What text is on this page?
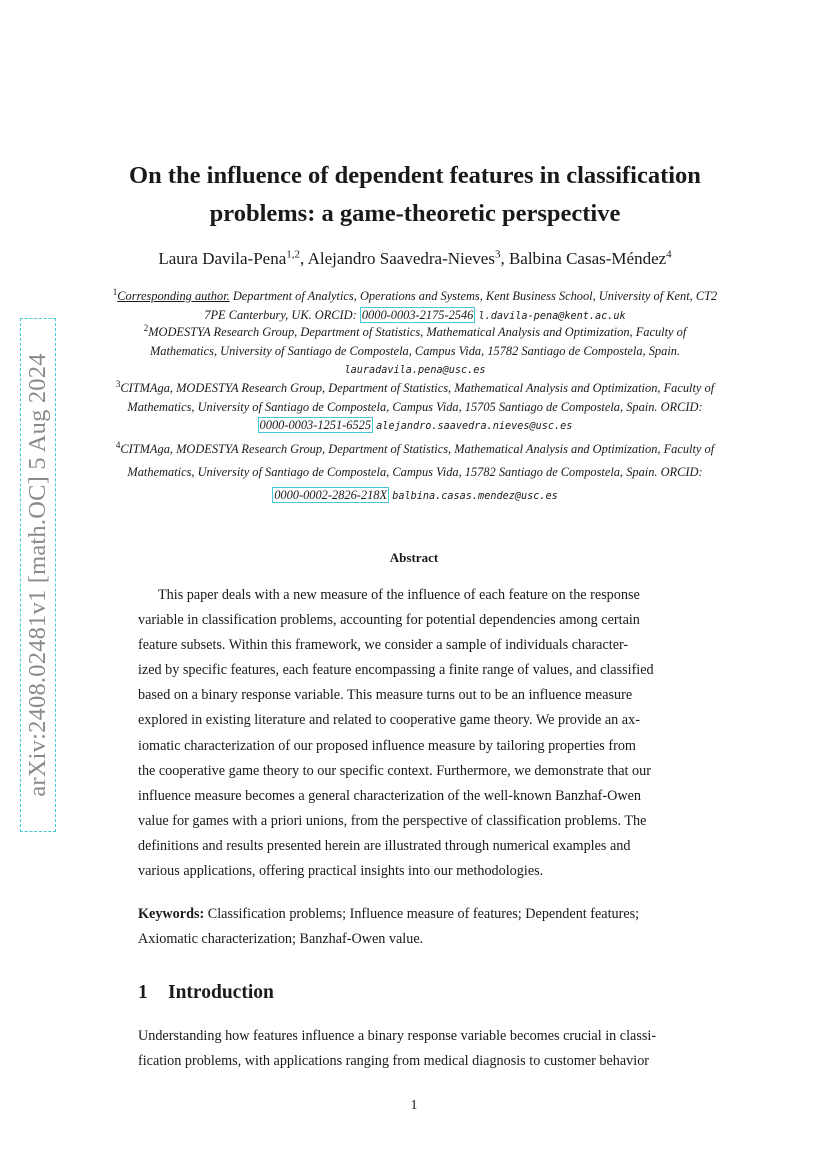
arXiv:2408.02481v1 [math.OC] 5 Aug 2024
On the influence of dependent features in classification
problems: a game-theoretic perspective
Laura Davila-Pena$^{1,2}$, Alejandro Saavedra-Nieves$^3$, Balbina Casas-Méndez$^4$
$^1$Corresponding author. Department of Analytics, Operations and Systems, Kent Business School, University of Kent, CT2
7PE Canterbury, UK. ORCID: 0000-0003-2175-2546 l.davila-pena@kent.ac.uk
$^2$MODESTYA Research Group, Department of Statistics, Mathematical Analysis and Optimization, Faculty of
Mathematics, University of Santiago de Compostela, Campus Vida, 15782 Santiago de Compostela, Spain.
lauradavila.pena@usc.es
$^3$CITMAga, MODESTYA Research Group, Department of Statistics, Mathematical Analysis and Optimization, Faculty of
Mathematics, University of Santiago de Compostela, Campus Vida, 15705 Santiago de Compostela, Spain. ORCID:
0000-0003-1251-6525 alejandro.saavedra.nieves@usc.es
$^4$CITMAga, MODESTYA Research Group, Department of Statistics, Mathematical Analysis and Optimization, Faculty of
Mathematics, University of Santiago de Compostela, Campus Vida, 15782 Santiago de Compostela, Spain. ORCID:
0000-0002-2826-218X balbina.casas.mendez@usc.es
Abstract
This paper deals with a new measure of the influence of each feature on the response
variable in classification problems, accounting for potential dependencies among certain
feature subsets. Within this framework, we consider a sample of individuals character-
ized by specific features, each feature encompassing a finite range of values, and classified
based on a binary response variable. This measure turns out to be an influence measure
explored in existing literature and related to cooperative game theory. We provide an ax-
iomatic characterization of our proposed influence measure by tailoring properties from
the cooperative game theory to our specific context. Furthermore, we demonstrate that our
influence measure becomes a general characterization of the well-known Banzhaf-Owen
value for games with a priori unions, from the perspective of classification problems. The
definitions and results presented herein are illustrated through numerical examples and
various applications, offering practical insights into our methodologies.
Keywords: Classification problems; Influence measure of features; Dependent features;
Axiomatic characterization; Banzhaf-Owen value.
1 Introduction
Understanding how features influence a binary response variable becomes crucial in classi-
fication problems, with applications ranging from medical diagnosis to customer behavior
1
